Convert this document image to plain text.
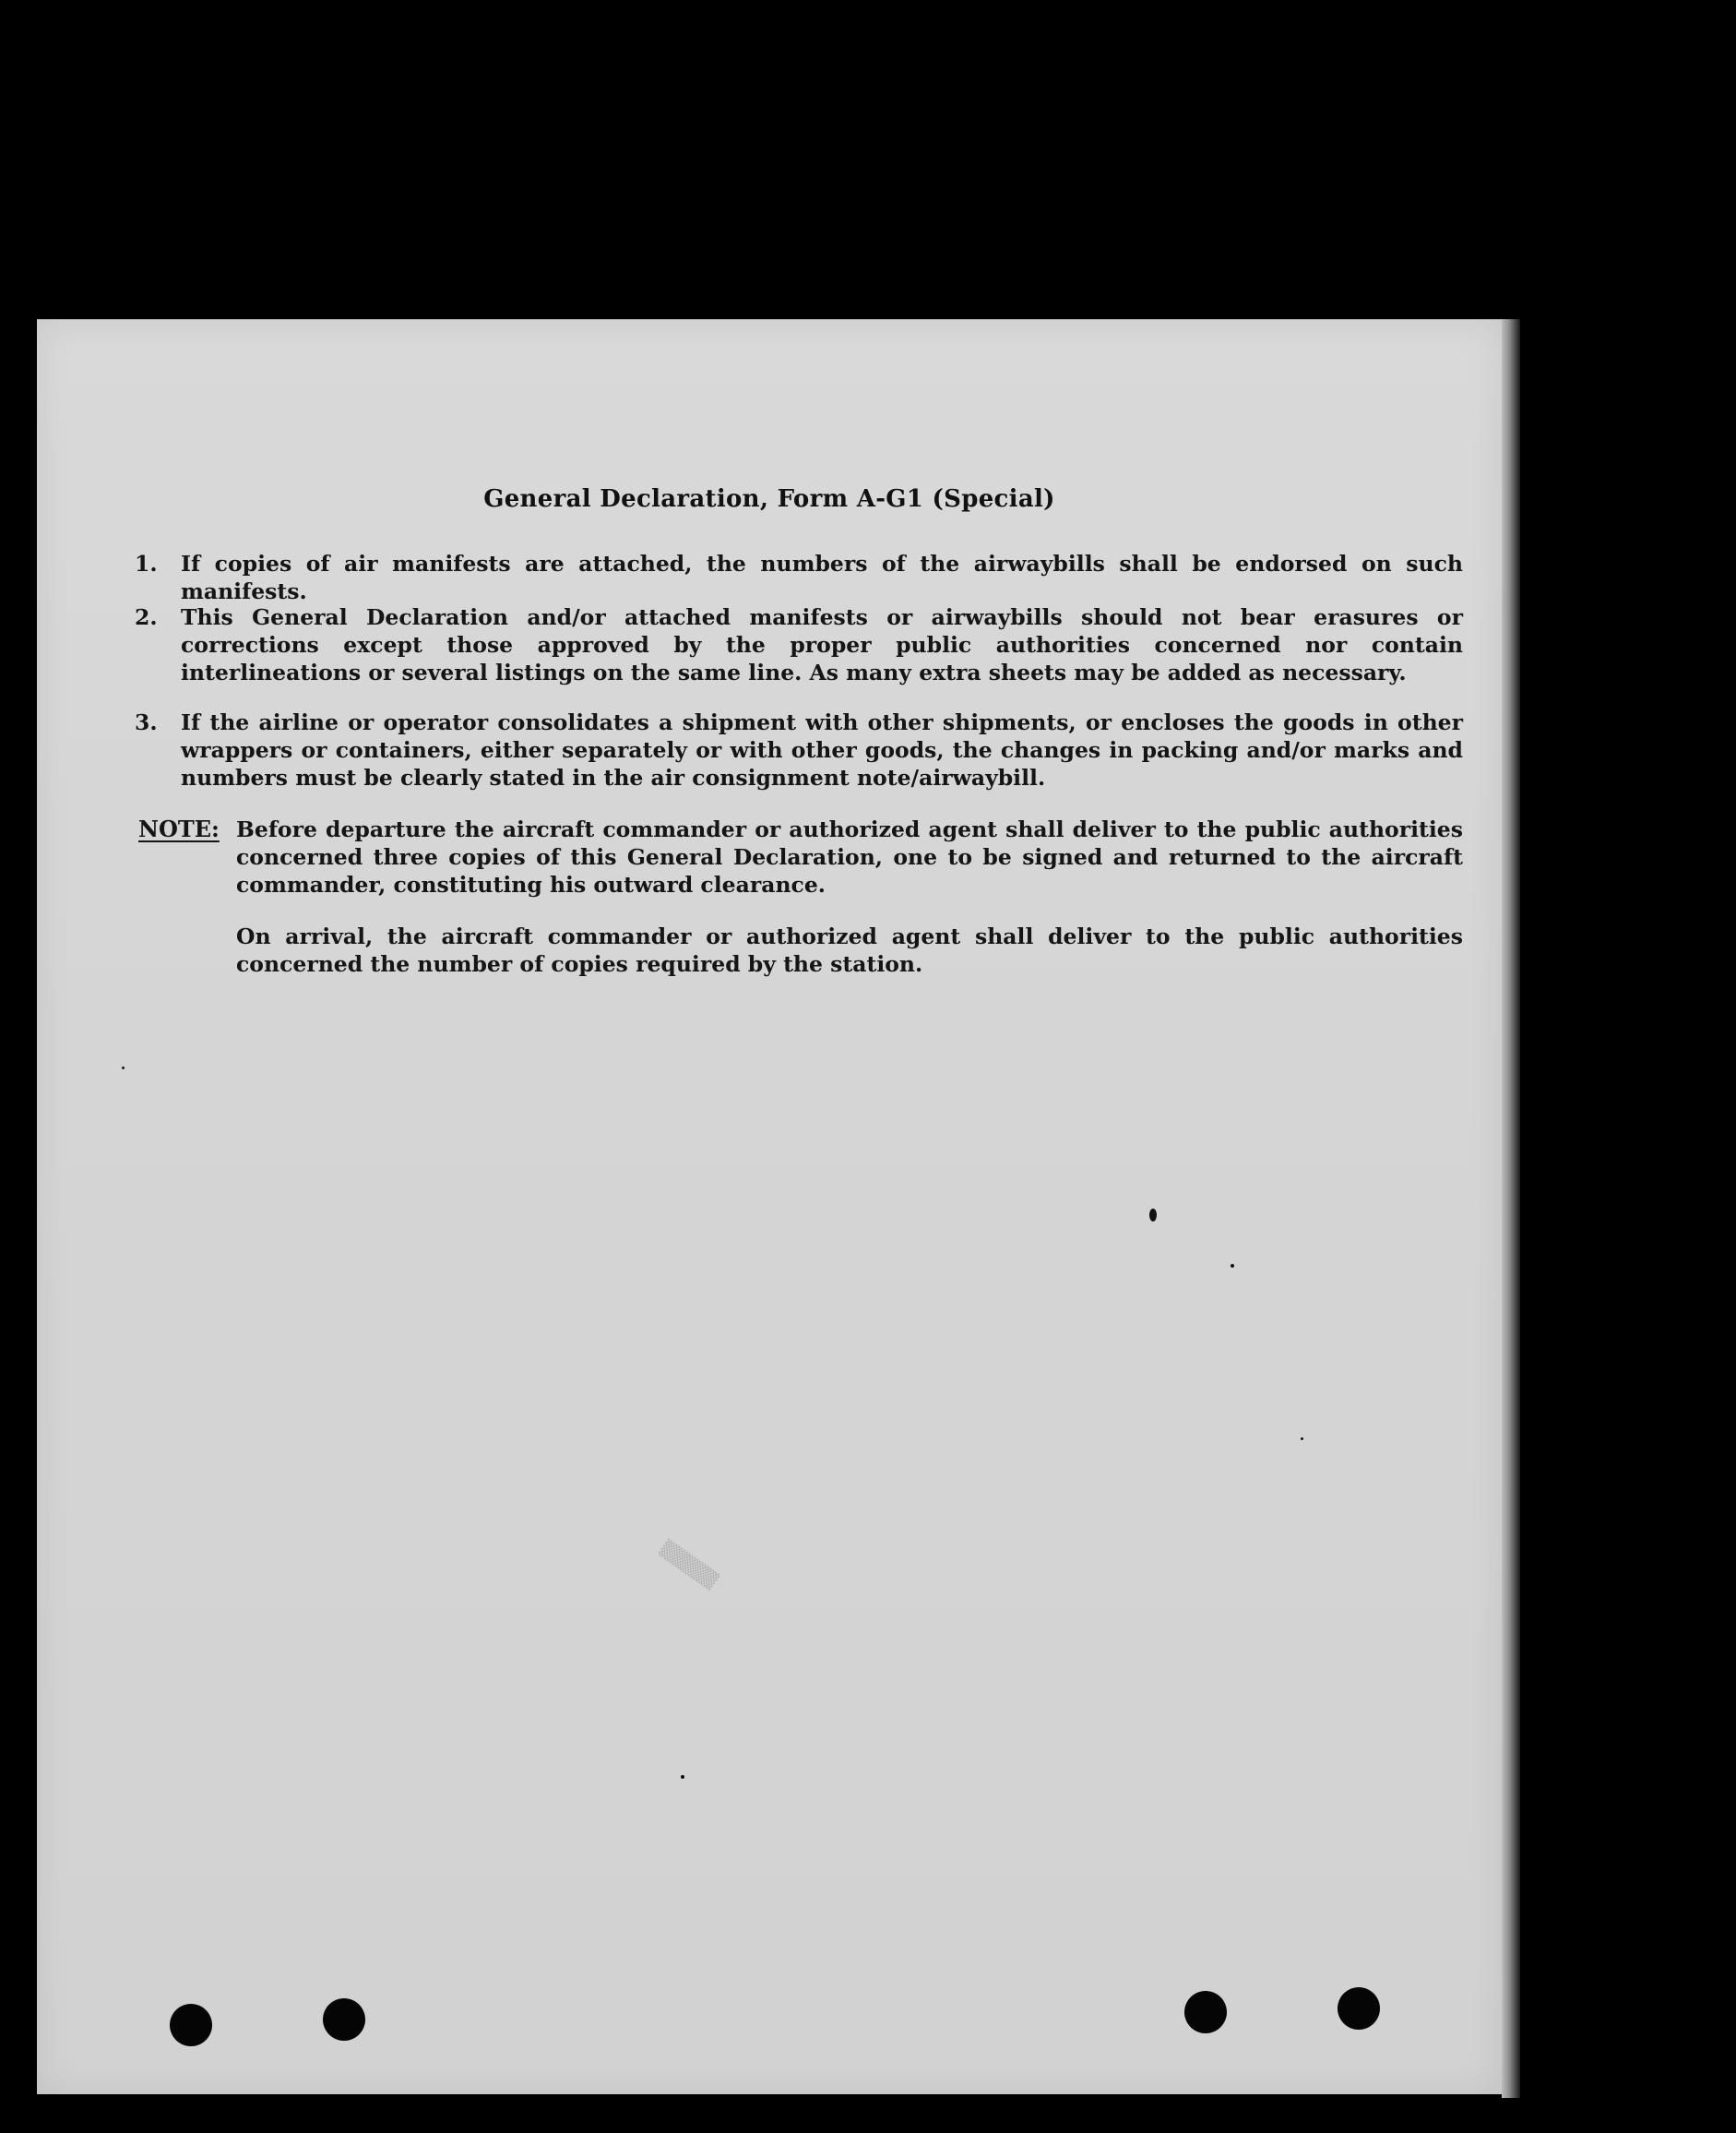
General Declaration, Form A-G1 (Special)
1.	If copies of air manifests are attached, the numbers of the airwaybills shall be endorsed on such manifests.
2.	This General Declaration and/or attached manifests or airwaybills should not bear erasures or corrections except those approved by the proper public authorities concerned nor contain interlineations or several listings on the same line. As many extra sheets may be added as necessary.
3.	If the airline or operator consolidates a shipment with other shipments, or encloses the goods in other wrappers or containers, either separately or with other goods, the changes in packing and/or marks and numbers must be clearly stated in the air consignment note/airwaybill.
NOTE: Before departure the aircraft commander or authorized agent shall deliver to the public authorities concerned three copies of this General Declaration, one to be signed and returned to the aircraft commander, constituting his outward clearance.

On arrival, the aircraft commander or authorized agent shall deliver to the public authorities concerned the number of copies required by the station.

▒▒▒▒▒
